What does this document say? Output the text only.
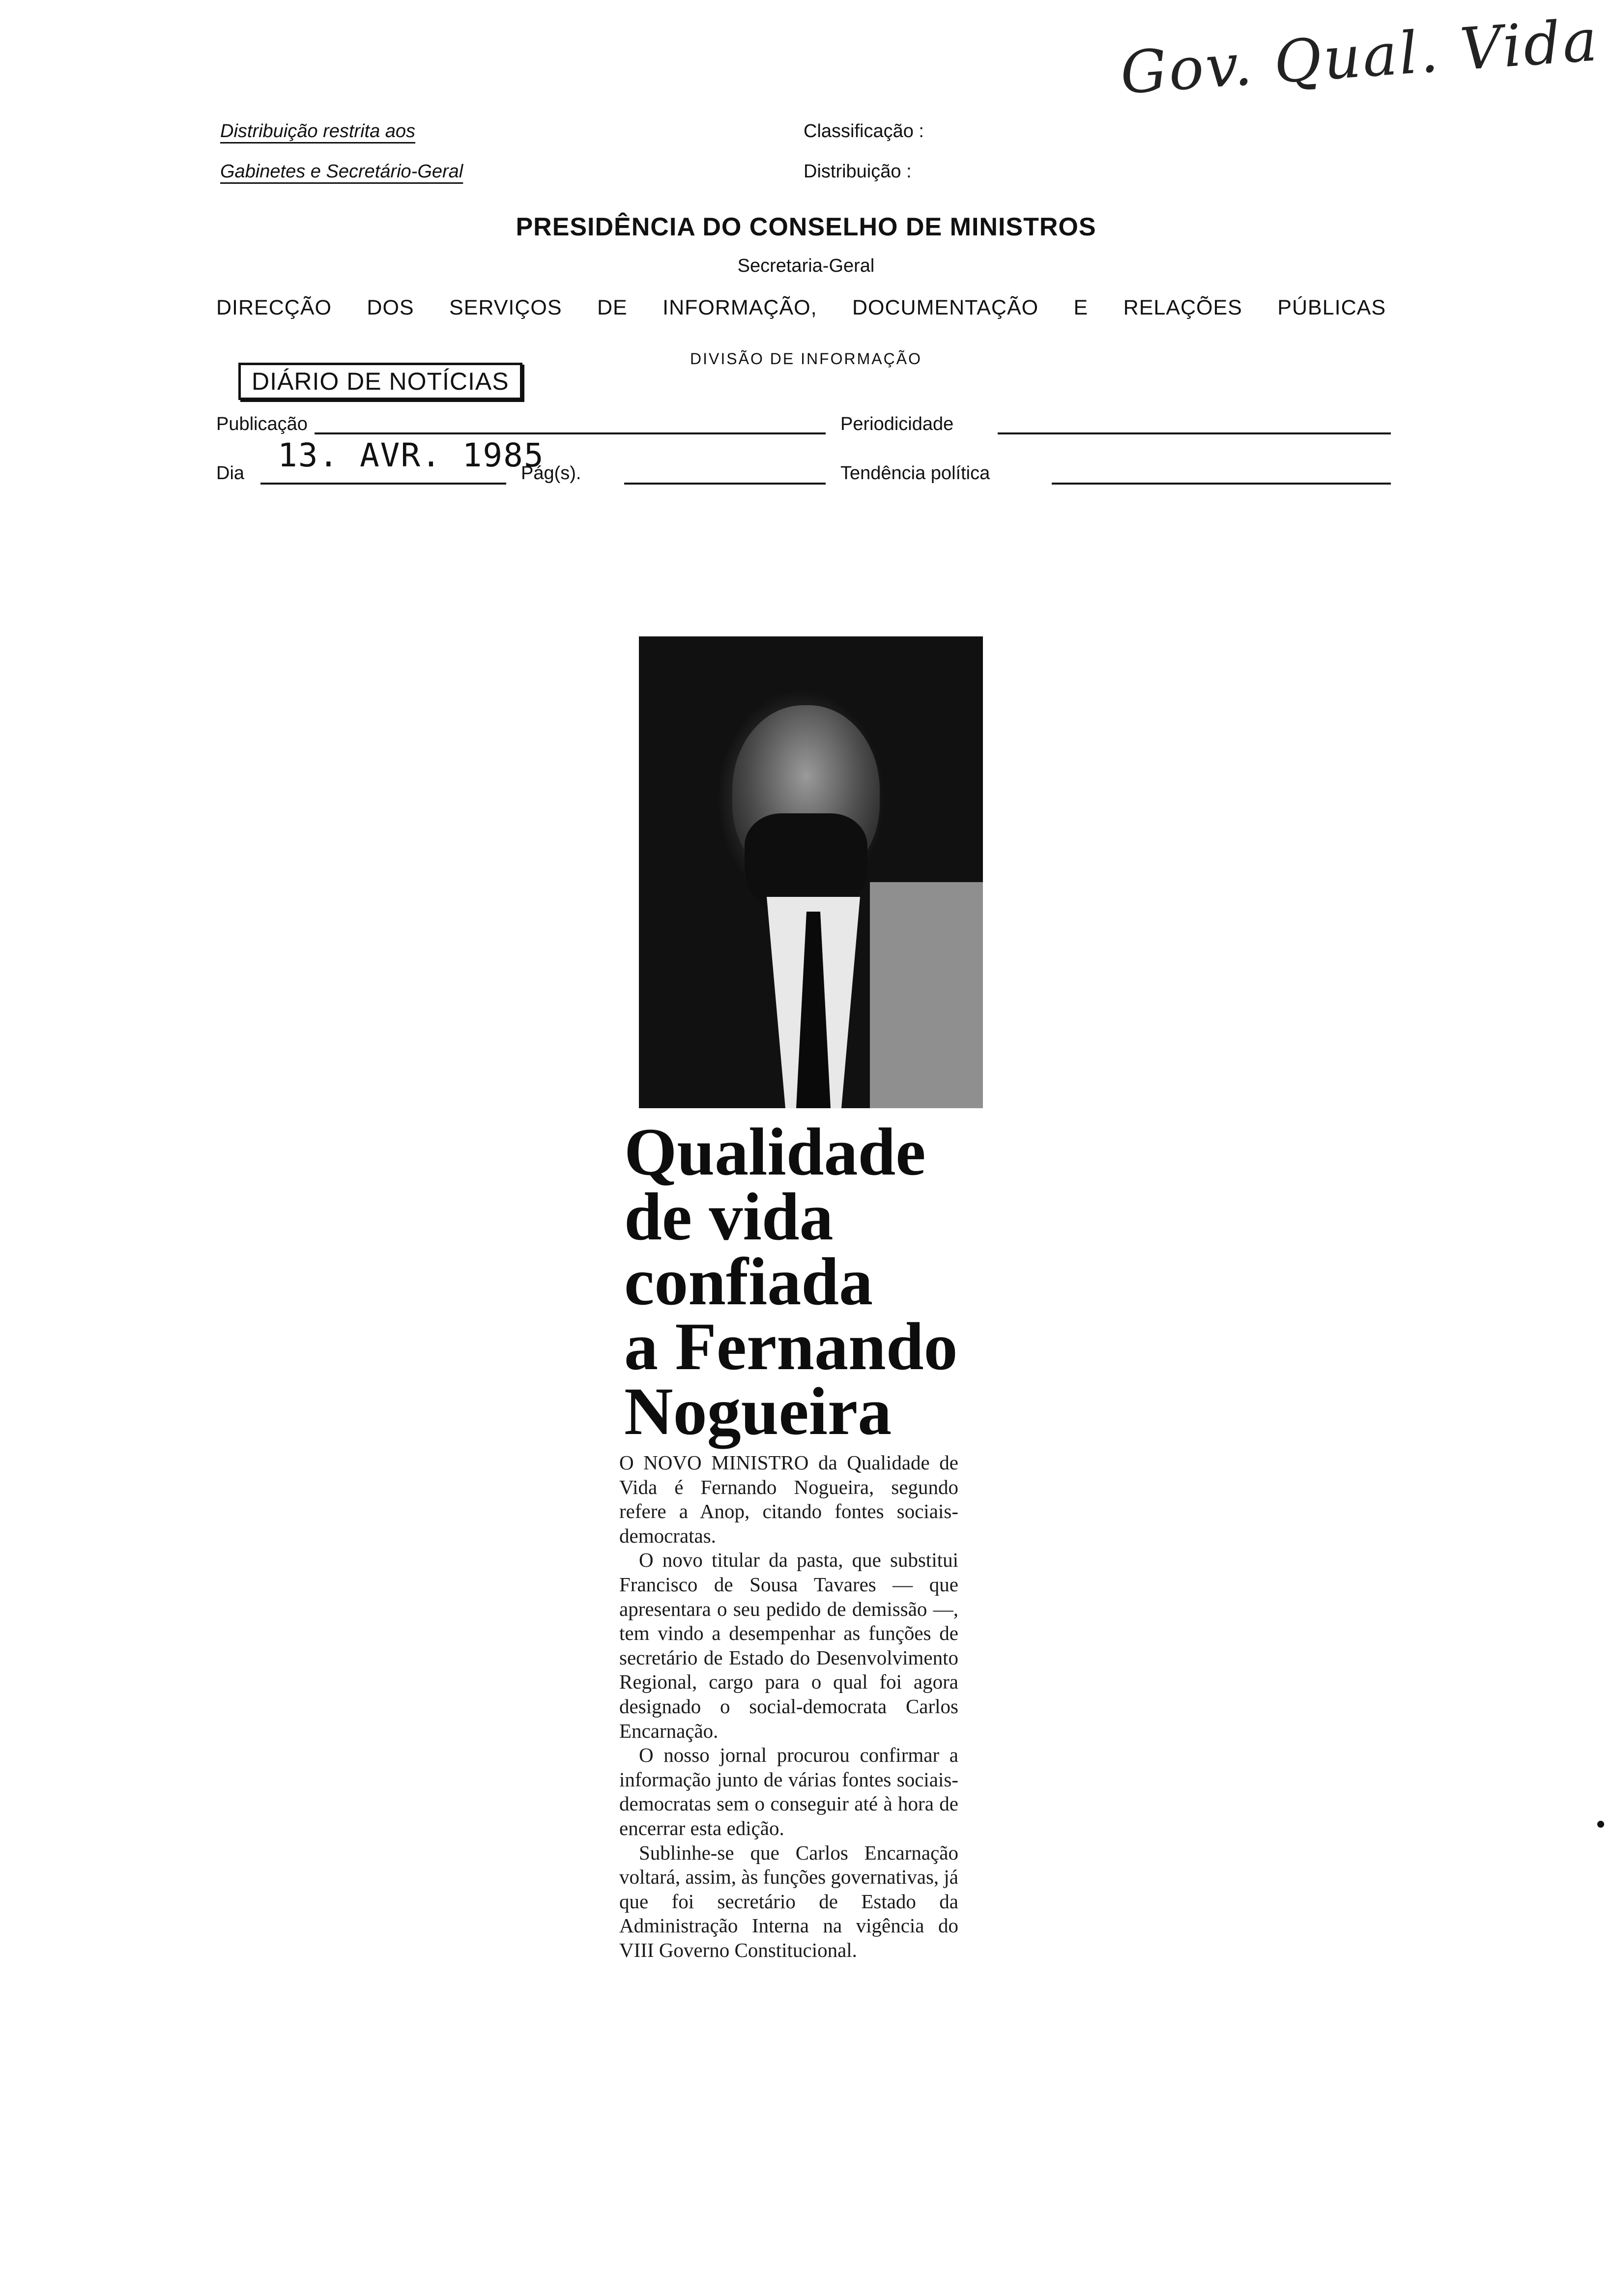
Gov. Qual. Vida
Distribuição restrita aos
Gabinetes e Secretário-Geral
Classificação :
Distribuição :
PRESIDÊNCIA DO CONSELHO DE MINISTROS
Secretaria-Geral
DIRECÇÃO DOS SERVIÇOS DE INFORMAÇÃO, DOCUMENTAÇÃO E RELAÇÕES PÚBLICAS
DIVISÃO DE INFORMAÇÃO
DIÁRIO DE NOTÍCIAS
Publicação	Periodicidade
Dia 13. AVR. 1985
Pág(s).	Tendência política
Qualidade
de vida
confiada
a Fernando
Nogueira

O NOVO MINISTRO da Qualidade de Vida é Fernando Nogueira, segundo refere a Anop, citando fontes sociais-democratas.

O novo titular da pasta, que substitui Francisco de Sousa Tavares — que apresentara o seu pedido de demissão —, tem vindo a desempenhar as funções de secretário de Estado do Desenvolvimento Regional, cargo para o qual foi agora designado o social-democrata Carlos Encarnação.

O nosso jornal procurou confirmar a informação junto de várias fontes sociais-democratas sem o conseguir até à hora de encerrar esta edição.

Sublinhe-se que Carlos Encarnação voltará, assim, às funções governativas, já que foi secretário de Estado da Administração Interna na vigência do VIII Governo Constitucional.
